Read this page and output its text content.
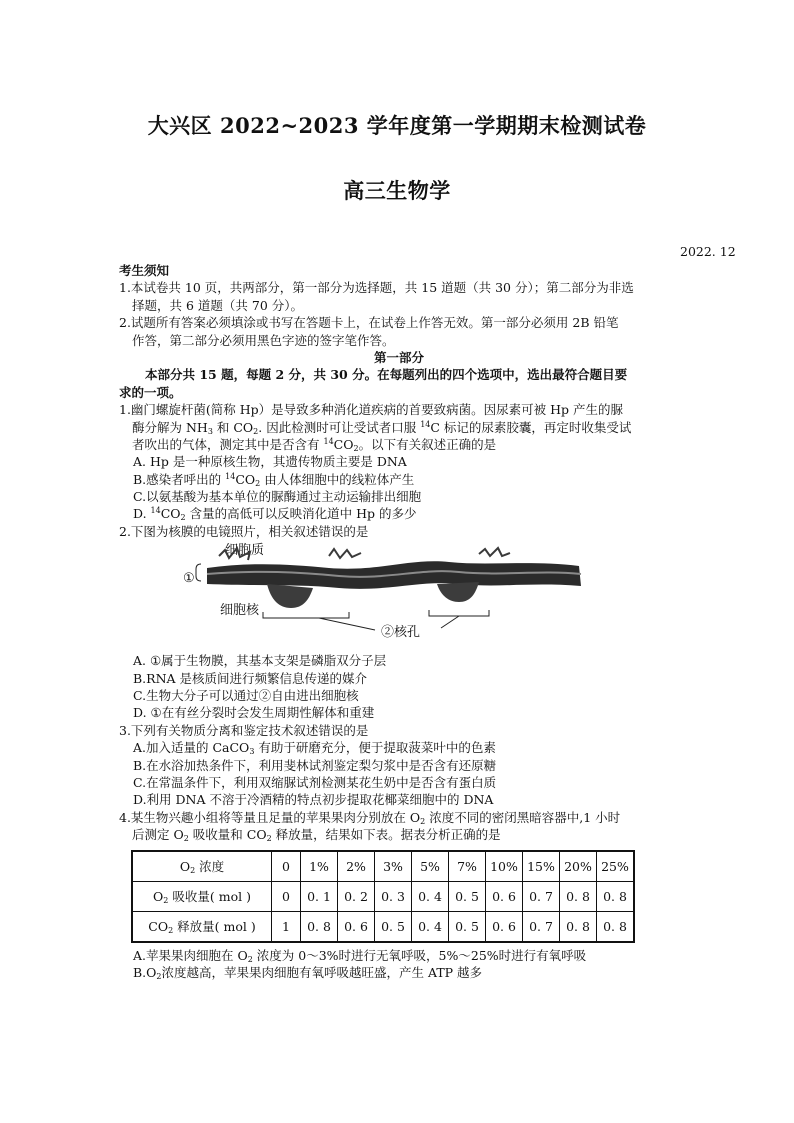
大兴区 2022~2023 学年度第一学期期末检测试卷
高三生物学
2022. 12
考生须知
1.本试卷共 10 页，共两部分，第一部分为选择题，共 15 道题（共 30 分）；第二部分为非选
择题，共 6 道题（共 70 分）。
2.试题所有答案必须填涂或书写在答题卡上，在试卷上作答无效。第一部分必须用 2B 铅笔
作答，第二部分必须用黑色字迹的签字笔作答。
第一部分
本部分共 15 题，每题 2 分，共 30 分。在每题列出的四个选项中，选出最符合题目要
求的一项。
1.幽门螺旋杆菌(简称 Hp）是导致多种消化道疾病的首要致病菌。因尿素可被 Hp 产生的脲
酶分解为 $NH_3$ 和 $CO_2$. 因此检测时可让受试者口服 $^{14}$C 标记的尿素胶囊，再定时收集受试
者吹出的气体，测定其中是否含有 $^{14}CO_2$。以下有关叙述正确的是
A. Hp 是一种原核生物，其遗传物质主要是 DNA
B.感染者呼出的 $^{14}CO_2$ 由人体细胞中的线粒体产生
C.以氨基酸为基本单位的脲酶通过主动运输排出细胞
D. $^{14}CO_2$ 含量的高低可以反映消化道中 Hp 的多少
2.下图为核膜的电镜照片，相关叙述错误的是
细胞质
①
细胞核
②核孔
A. ①属于生物膜，其基本支架是磷脂双分子层
B.RNA 是核质间进行频繁信息传递的媒介
C.生物大分子可以通过②自由进出细胞核
D. ①在有丝分裂时会发生周期性解体和重建
3.下列有关物质分离和鉴定技术叙述错误的是
A.加入适量的 CaCO$_3$ 有助于研磨充分，便于提取菠菜叶中的色素
B.在水浴加热条件下，利用斐林试剂鉴定梨匀浆中是否含有还原糖
C.在常温条件下，利用双缩脲试剂检测某花生奶中是否含有蛋白质
D.利用 DNA 不溶于冷酒精的特点初步提取花椰菜细胞中的 DNA
4.某生物兴趣小组将等量且足量的苹果果肉分别放在 $O_2$ 浓度不同的密闭黑暗容器中,1 小时
后测定 $O_2$ 吸收量和 $CO_2$ 释放量，结果如下表。据表分析正确的是
$O_2$ 浓度	0	1%	2%	3%	5%	7%	10%	15%	20%	25%
$O_2$ 吸收量( mol )	0	0. 1	0. 2	0. 3	0. 4	0. 5	0. 6	0. 7	0. 8	0. 8
$CO_2$ 释放量( mol )	1	0. 8	0. 6	0. 5	0. 4	0. 5	0. 6	0. 7	0. 8	0. 8
A.苹果果肉细胞在 $O_2$ 浓度为 0～3%时进行无氧呼吸，5%～25%时进行有氧呼吸
$B.O_2$浓度越高，苹果果肉细胞有氧呼吸越旺盛，产生 ATP 越多
